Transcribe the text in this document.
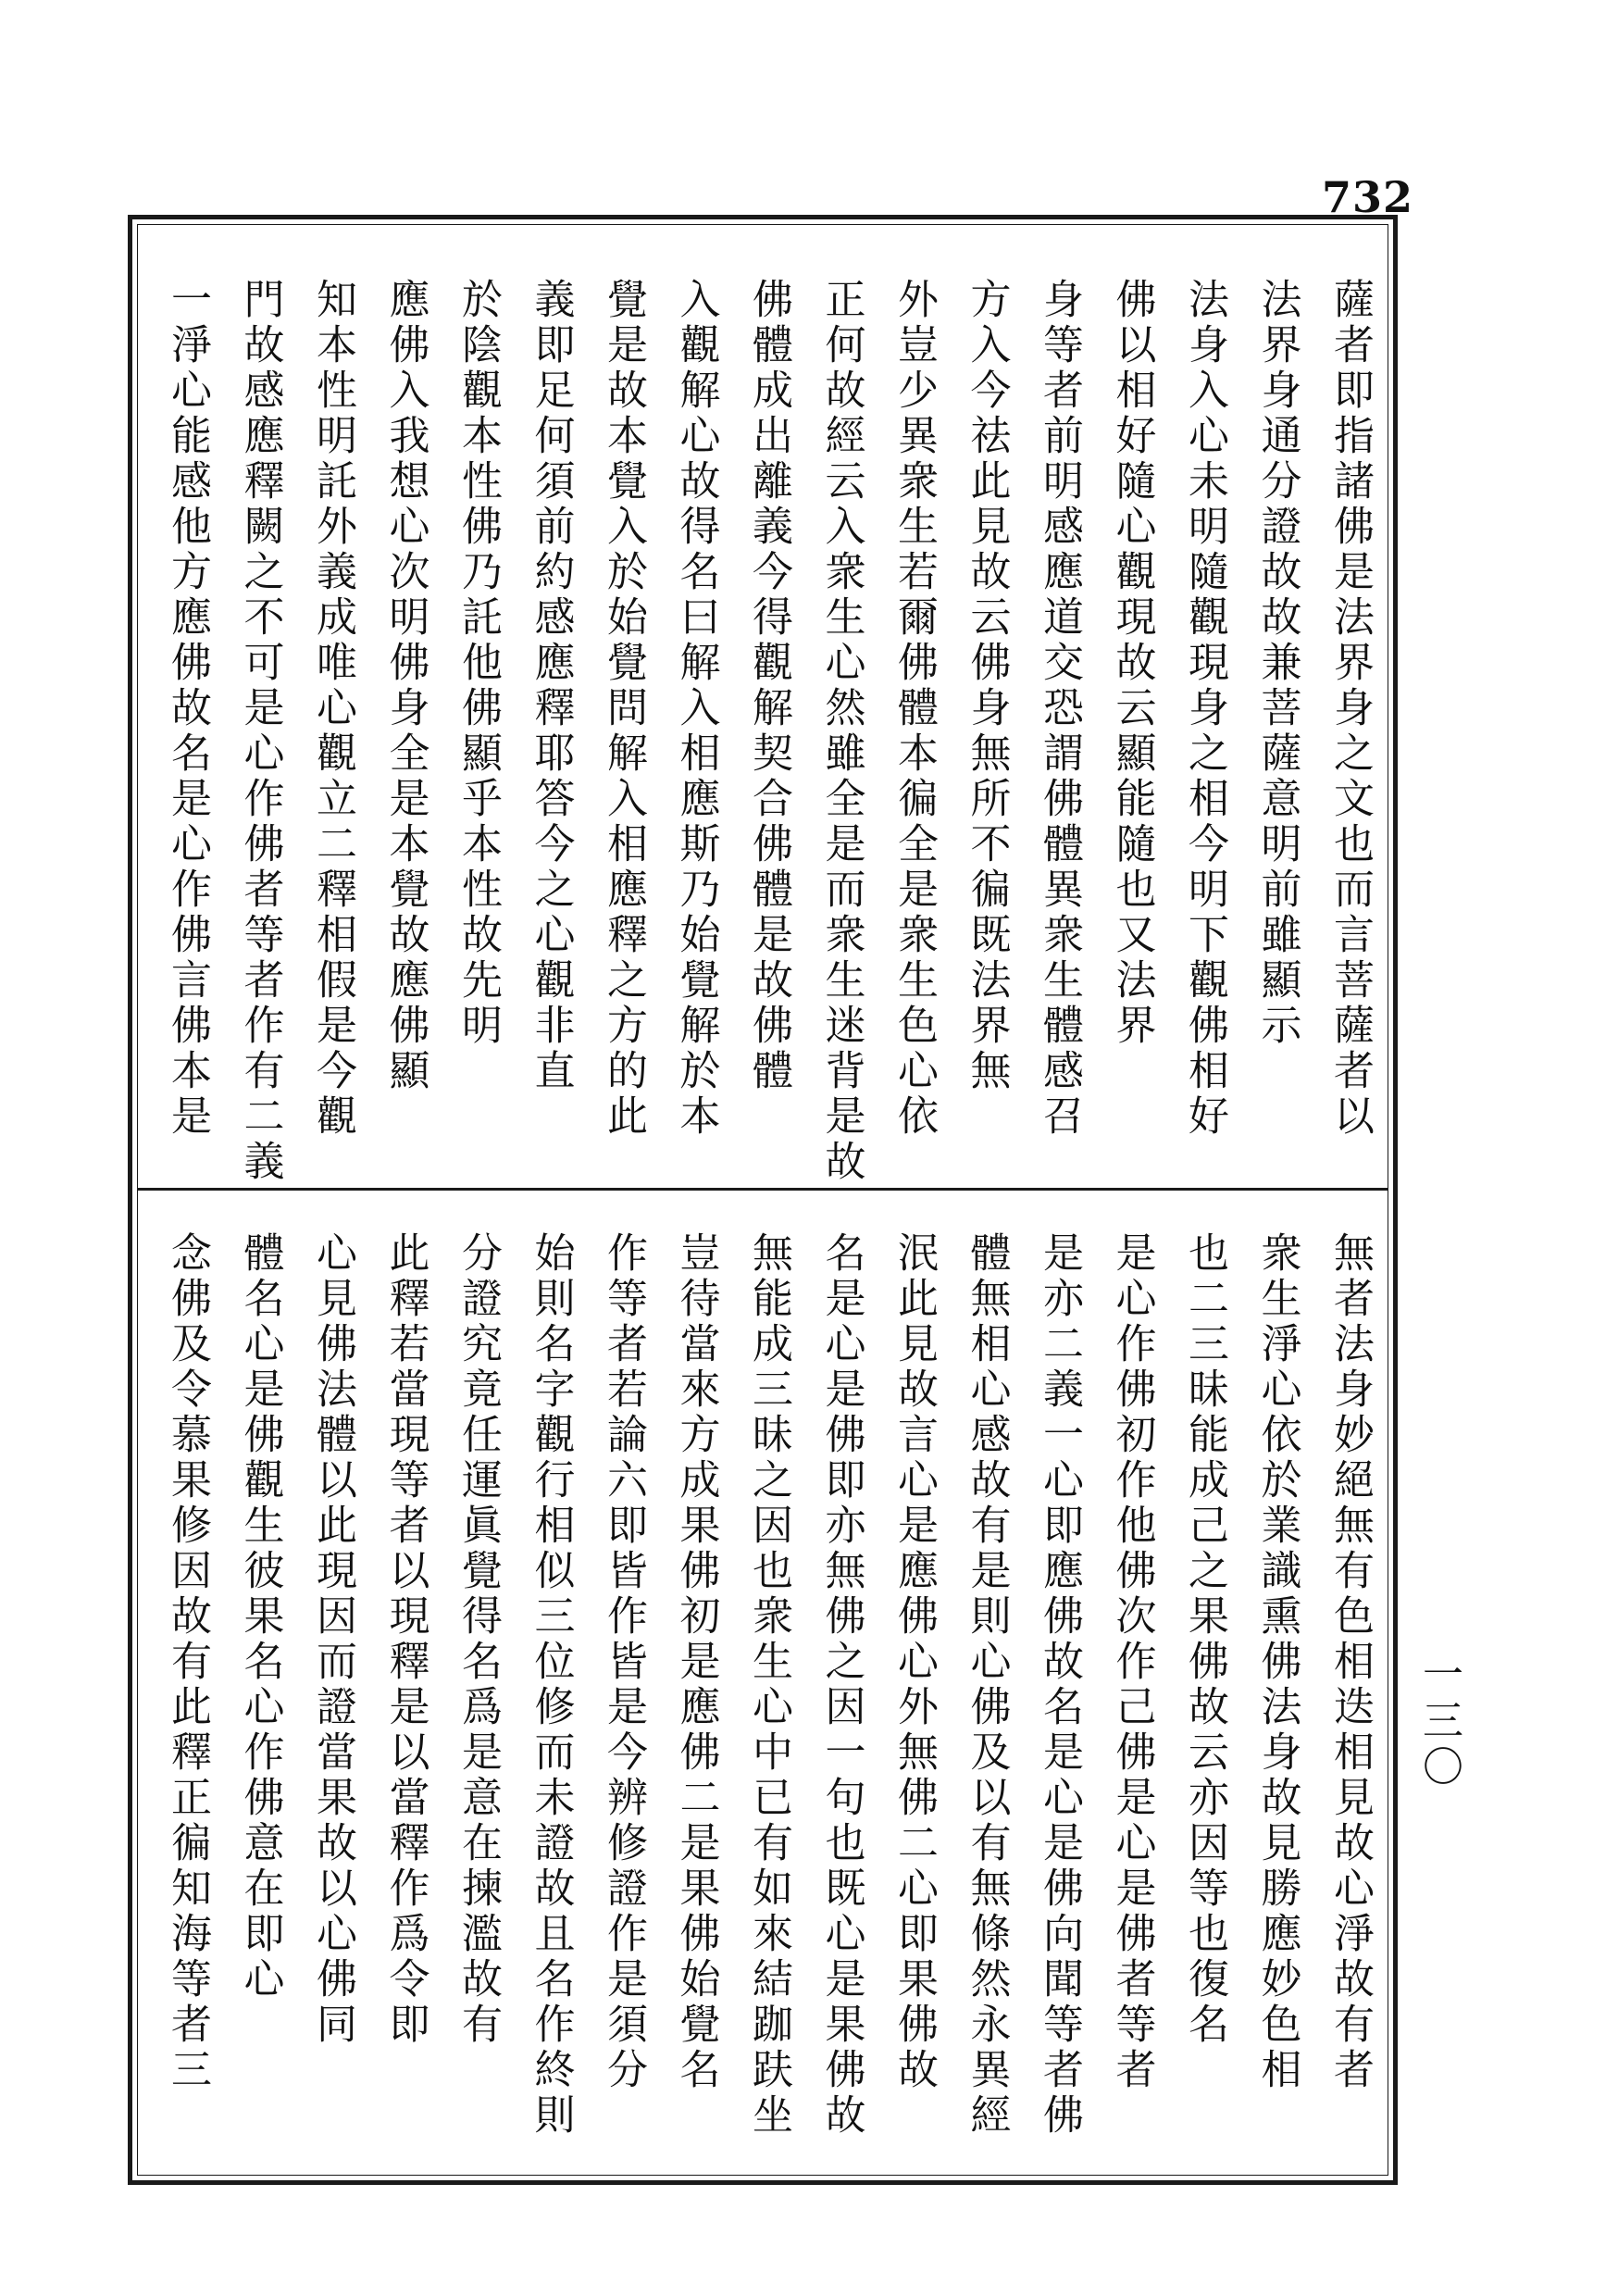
732
一三〇
薩者即指諸佛是法界身之文也而言菩薩者以
法界身通分證故故兼菩薩意明前雖顯示
法身入心未明隨觀現身之相今明下觀佛相好
佛以相好隨心觀現故云顯能隨也又法界
身等者前明感應道交恐謂佛體異衆生體感召
方入今祛此見故云佛身無所不徧既法界無
外豈少異衆生若爾佛體本徧全是衆生色心依
正何故經云入衆生心然雖全是而衆生迷背是故
佛體成出離義今得觀解契合佛體是故佛體
入觀解心故得名曰解入相應斯乃始覺解於本
覺是故本覺入於始覺問解入相應釋之方的此
義即足何須前約感應釋耶答今之心觀非直
於陰觀本性佛乃託他佛顯乎本性故先明
應佛入我想心次明佛身全是本覺故應佛顯
知本性明託外義成唯心觀立二釋相假是今觀
門故感應釋闕之不可是心作佛者等者作有二義
一淨心能感他方應佛故名是心作佛言佛本是
無者法身妙絕無有色相迭相見故心淨故有者
衆生淨心依於業識熏佛法身故見勝應妙色相
也二三昧能成己之果佛故云亦因等也復名
是心作佛初作他佛次作己佛是心是佛者等者
是亦二義一心即應佛故名是心是佛向聞等者佛
體無相心感故有是則心佛及以有無條然永異經
泯此見故言心是應佛心外無佛二心即果佛故
名是心是佛即亦無佛之因一句也既心是果佛故
無能成三昧之因也衆生心中已有如來結跏趺坐
豈待當來方成果佛初是應佛二是果佛始覺名
作等者若論六即皆作皆是今辨修證作是須分
始則名字觀行相似三位修而未證故且名作終則
分證究竟任運眞覺得名爲是意在揀濫故有
此釋若當現等者以現釋是以當釋作爲令即
心見佛法體以此現因而證當果故以心佛同
體名心是佛觀生彼果名心作佛意在即心
念佛及令慕果修因故有此釋正徧知海等者三
